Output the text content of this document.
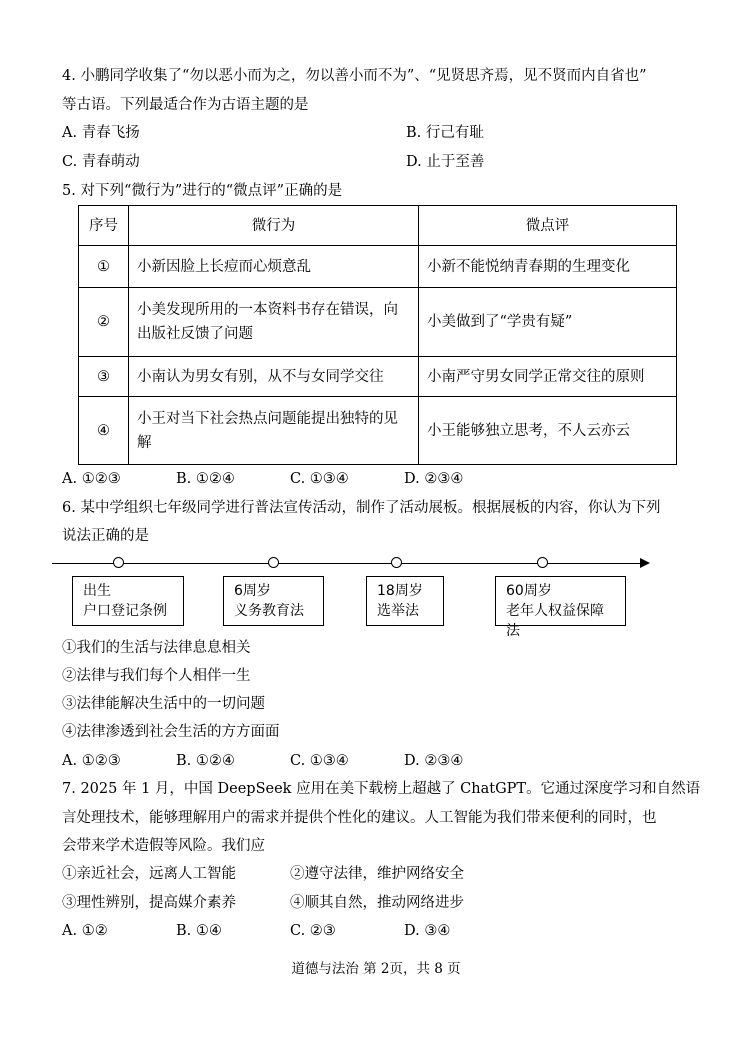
4. 小鹏同学收集了“勿以恶小而为之，勿以善小而不为”、“见贤思齐焉，见不贤而内自省也”
等古语。下列最适合作为古语主题的是
A. 青春飞扬	B. 行己有耻
C. 青春萌动	D. 止于至善
5. 对下列“微行为”进行的“微点评”正确的是
序号	微行为	微点评
①	小新因脸上长痘而心烦意乱	小新不能悦纳青春期的生理变化
②	小美发现所用的一本资料书存在错误，向出版社反馈了问题	小美做到了“学贵有疑”
③	小南认为男女有别，从不与女同学交往	小南严守男女同学正常交往的原则
④	小王对当下社会热点问题能提出独特的见解	小王能够独立思考，不人云亦云
A. ①②③	B. ①②④	C. ①③④	D. ②③④
6. 某中学组织七年级同学进行普法宣传活动，制作了活动展板。根据展板的内容，你认为下列
说法正确的是
出生
户口登记条例
6周岁
义务教育法
18周岁
选举法
60周岁
老年人权益保障法
①我们的生活与法律息息相关
②法律与我们每个人相伴一生
③法律能解决生活中的一切问题
④法律渗透到社会生活的方方面面
A. ①②③	B. ①②④	C. ①③④	D. ②③④
7. 2025 年 1 月，中国 DeepSeek 应用在美下载榜上超越了 ChatGPT。它通过深度学习和自然语
言处理技术，能够理解用户的需求并提供个性化的建议。人工智能为我们带来便利的同时，也
会带来学术造假等风险。我们应
①亲近社会，远离人工智能	②遵守法律，维护网络安全
③理性辨别，提高媒介素养	④顺其自然，推动网络进步
A. ①②	B. ①④	C. ②③	D. ③④
道德与法治 第 2页，共 8 页
